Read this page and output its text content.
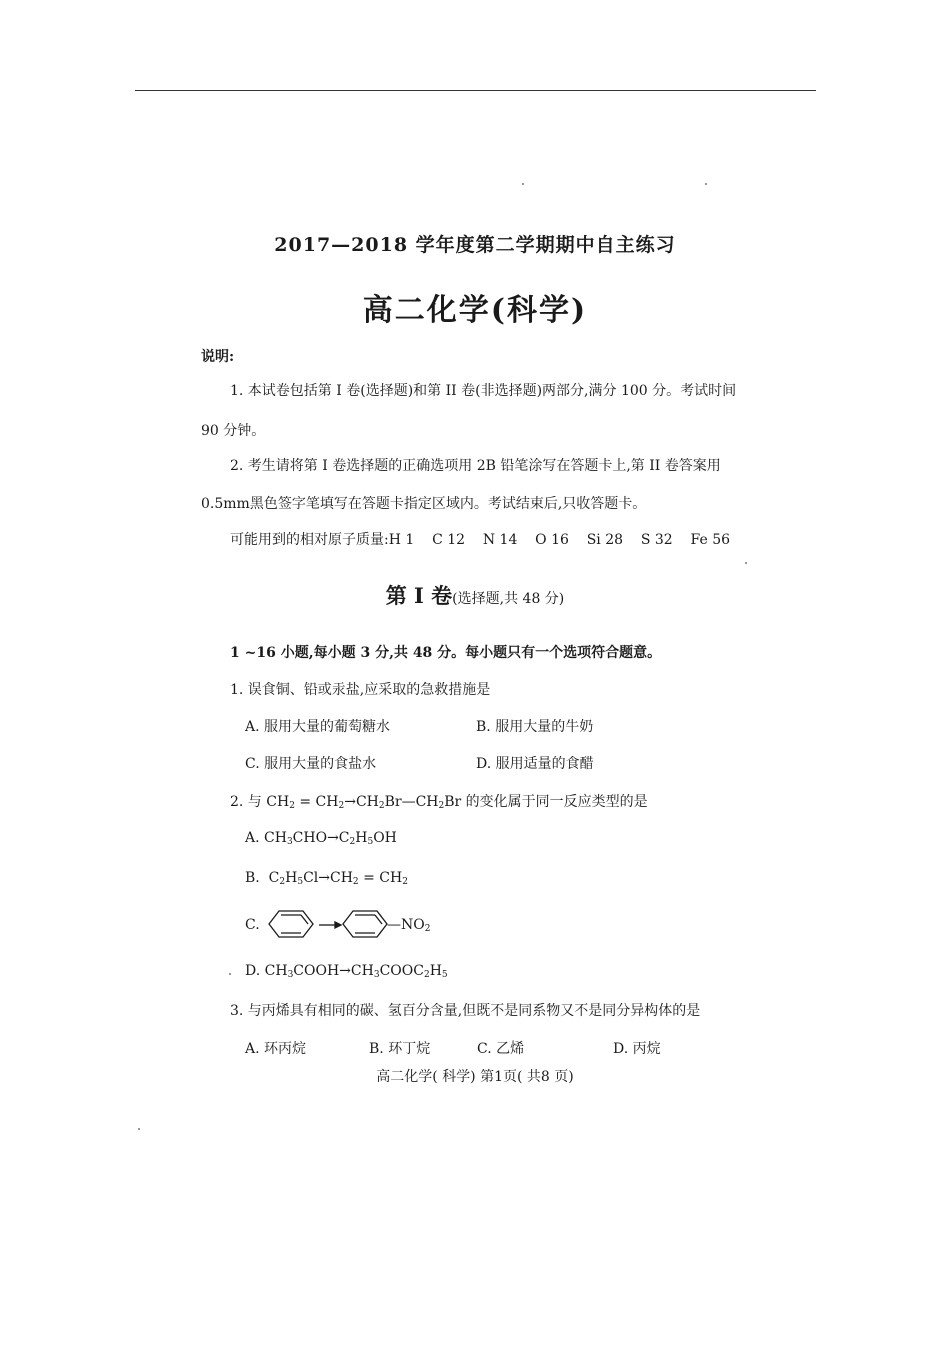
2017—2018 学年度第二学期期中自主练习
高二化学(科学)
说明:
1. 本试卷包括第 I 卷(选择题)和第 II 卷(非选择题)两部分,满分 100 分。考试时间
90 分钟。
2. 考生请将第 I 卷选择题的正确选项用 2B 铅笔涂写在答题卡上,第 II 卷答案用
0.5mm黑色签字笔填写在答题卡指定区域内。考试结束后,只收答题卡。
可能用到的相对原子质量:H 1    C 12    N 14    O 16    Si 28    S 32    Fe 56
第 I 卷(选择题,共 48 分)
1 ~16 小题,每小题 3 分,共 48 分。每小题只有一个选项符合题意。
1. 误食铜、铅或汞盐,应采取的急救措施是
A. 服用大量的葡萄糖水	B. 服用大量的牛奶
C. 服用大量的食盐水	D. 服用适量的食醋
2. 与 $CH_2$ = $CH_2\to CH_2Br—CH_2Br$ 的变化属于同一反应类型的是
A. $CH_3CHO\to C_2H_5OH$
B.  $C_2H_5Cl\to CH_2 = CH_2$
C.	$—NO_2$
D. $CH_3COOH\to CH_3COOC_2H_5$
3. 与丙烯具有相同的碳、氢百分含量,但既不是同系物又不是同分异构体的是
A. 环丙烷	B. 环丁烷	C. 乙烯	D. 丙烷
高二化学( 科学) 第1页( 共8 页)
